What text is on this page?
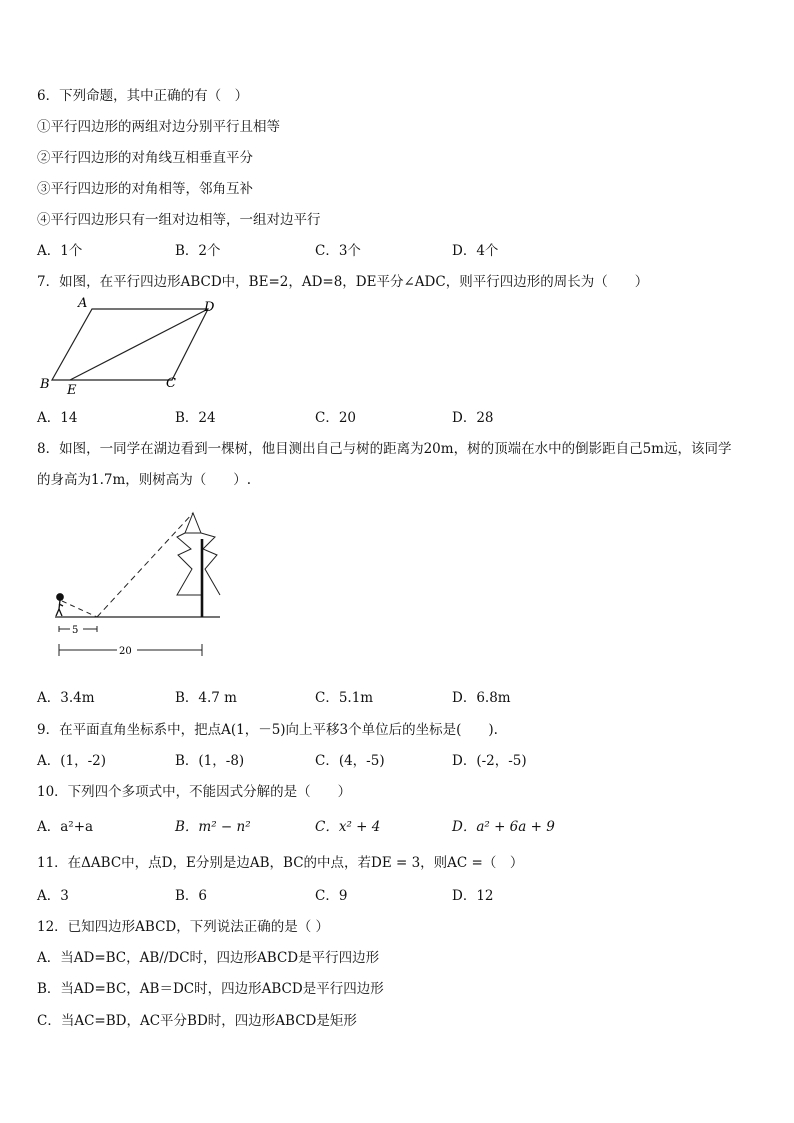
6．下列命题，其中正确的有（　）
①平行四边形的两组对边分别平行且相等
②平行四边形的对角线互相垂直平分
③平行四边形的对角相等，邻角互补
④平行四边形只有一组对边相等，一组对边平行
A．1个	B．2个	C．3个	D．4个
7．如图，在平行四边形ABCD中，BE=2，AD=8，DE平分∠ADC，则平行四边形的周长为（　　）
A	D
B E	C
A．14	B．24	C．20	D．28
8．如图，一同学在湖边看到一棵树，他目测出自己与树的距离为20m，树的顶端在水中的倒影距自己5m远，该同学
的身高为1.7m，则树高为（　　）.
5
20
A．3.4m	B．4.7 m	C．5.1m	D．6.8m
9．在平面直角坐标系中，把点A(1，－5)向上平移3个单位后的坐标是(　　).
A．(1，-2)	B．(1，-8)	C．(4，-5)	D．(-2，-5)
10．下列四个多项式中，不能因式分解的是（　　）
A．a²+a	B．m² − n²	C．x² + 4	D．a² + 6a + 9
11．在ΔABC中，点D，E分别是边AB，BC的中点，若DE = 3，则AC =（　）
A．3	B．6	C．9	D．12
12．已知四边形ABCD，下列说法正确的是（ ）
A．当AD=BC，AB//DC时，四边形ABCD是平行四边形
B．当AD=BC，AB＝DC时，四边形ABCD是平行四边形
C．当AC=BD，AC平分BD时，四边形ABCD是矩形
